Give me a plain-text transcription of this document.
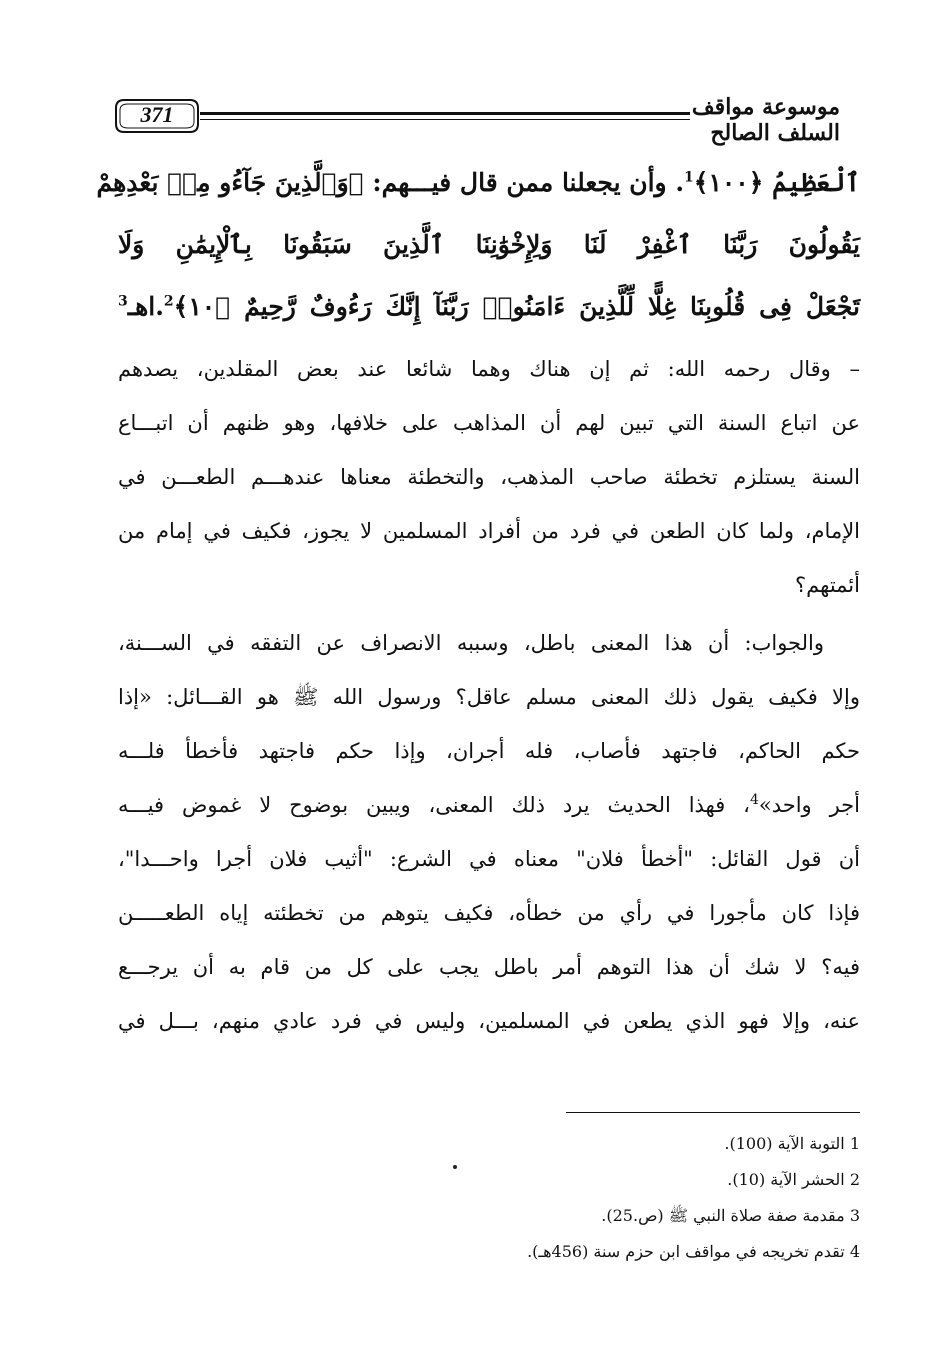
371	موسوعة مواقف السلف الصالح
ٱلْعَظِيمُ ﴿١٠٠﴾$^1$. وأن يجعلنا ممن قال فيـــهم: ﴿وَٱلَّذِينَ جَآءُو مِنۢ بَعْدِهِمْ
يَقُولُونَ رَبَّنَا ٱغْفِرْ لَنَا وَلِإِخْوَٰنِنَا ٱلَّذِينَ سَبَقُونَا بِٱلْإِيمَٰنِ وَلَا
تَجْعَلْ فِى قُلُوبِنَا غِلًّا لِّلَّذِينَ ءَامَنُوا۟ رَبَّنَآ إِنَّكَ رَءُوفٌ رَّحِيمٌ ﴿١٠﴾$^2$.اهـ$^3$
– وقال رحمه الله: ثم إن هناك وهما شائعا عند بعض المقلدين، يصدهم
عن اتباع السنة التي تبين لهم أن المذاهب على خلافها، وهو ظنهم أن اتبـــاع
السنة يستلزم تخطئة صاحب المذهب، والتخطئة معناها عندهـــم الطعـــن في
الإمام، ولما كان الطعن في فرد من أفراد المسلمين لا يجوز، فكيف في إمام من
أئمتهم؟
والجواب: أن هذا المعنى باطل، وسببه الانصراف عن التفقه في الســـنة،
وإلا فكيف يقول ذلك المعنى مسلم عاقل؟ ورسول الله ﷺ هو القـــائل: «إذا
حكم الحاكم، فاجتهد فأصاب، فله أجران، وإذا حكم فاجتهد فأخطأ فلـــه
أجر واحد»$^4$، فهذا الحديث يرد ذلك المعنى، ويبين بوضوح لا غموض فيـــه
أن قول القائل: "أخطأ فلان" معناه في الشرع: "أثيب فلان أجرا واحـــدا"،
فإذا كان مأجورا في رأي من خطأه، فكيف يتوهم من تخطئته إياه الطعـــــن
فيه؟ لا شك أن هذا التوهم أمر باطل يجب على كل من قام به أن يرجـــع
عنه، وإلا فهو الذي يطعن في المسلمين، وليس في فرد عادي منهم، بـــل في
1 التوبة الآية (100).
2 الحشر الآية (10).
3 مقدمة صفة صلاة النبي ﷺ (ص.25).
4 تقدم تخريجه في مواقف ابن حزم سنة (456هـ).
